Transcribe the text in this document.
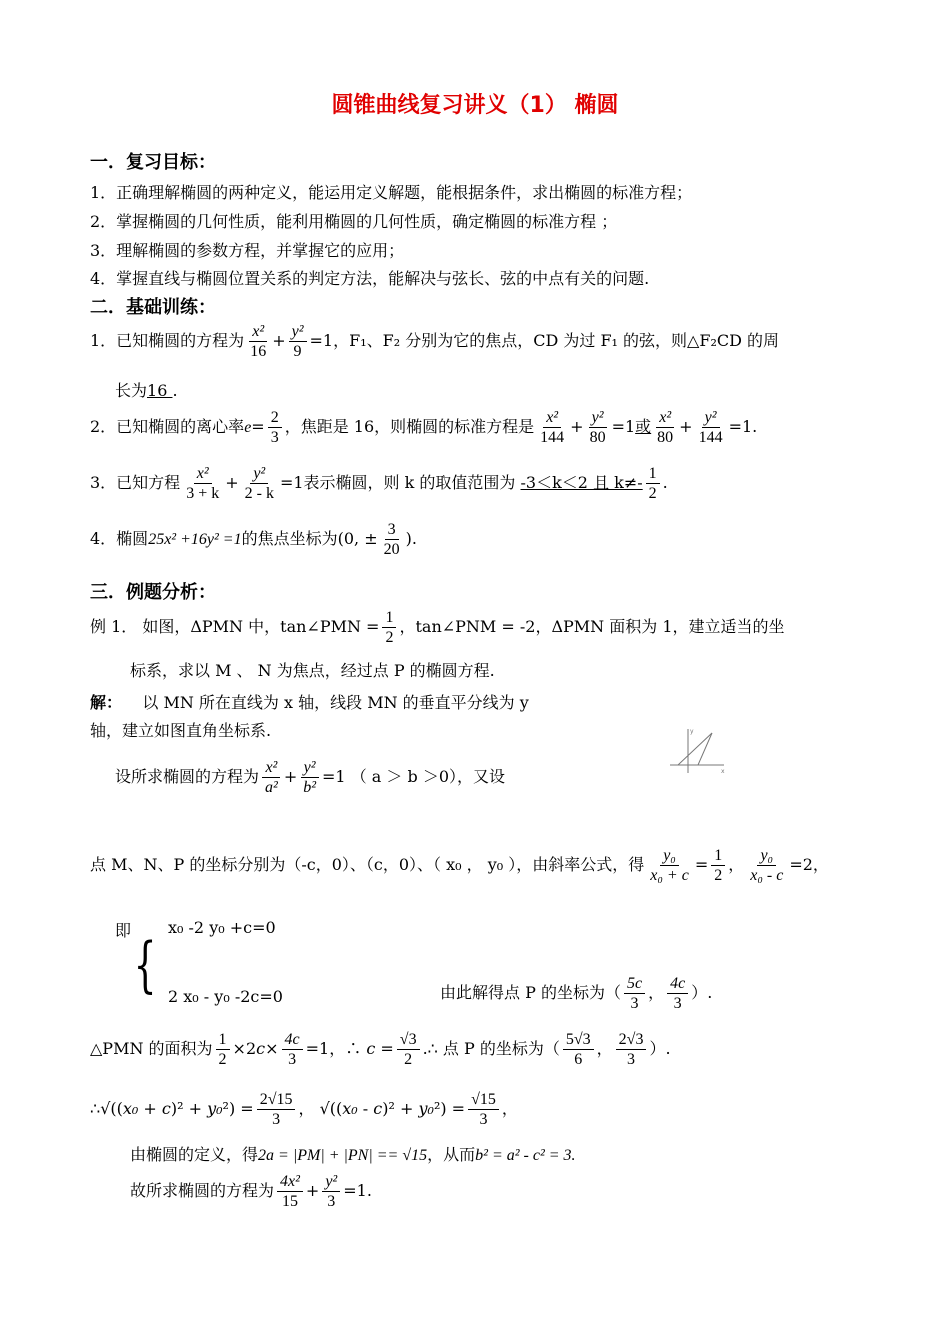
圆锥曲线复习讲义（1） 椭圆
一．复习目标：
1．正确理解椭圆的两种定义，能运用定义解题，能根据条件，求出椭圆的标准方程；
2．掌握椭圆的几何性质，能利用椭圆的几何性质，确定椭圆的标准方程 ；
3．理解椭圆的参数方程，并掌握它的应用；
4．掌握直线与椭圆位置关系的判定方法，能解决与弦长、弦的中点有关的问题.
二．基础训练：
1．已知椭圆的方程为 $\frac{\text{x²}}{16} + \frac{\text{y²}}{9} =1$，F₁、F₂ 分别为它的焦点，CD 为过 F₁ 的弦，则△F₂CD 的周
长为16 .
2．已知椭圆的离心率$e= \frac{2}{3}$ ，焦距是 16，则椭圆的标准方程是 $\frac{\text{x²}}{144} + \frac{\text{y²}}{80} =1$或 $\frac{\text{x²}}{80} + \frac{\text{y²}}{144} =1$.
3．已知方程 $\frac{\text{x²}}{3 + k} + \frac{\text{y²}}{2 - k} =1$表示椭圆，则 k 的取值范围为 -3＜k＜2 且 $k\ne- \frac{1}{2}$ .
4．椭圆25x² +16y² =1的焦点坐标为(0, ± $\frac{3}{20}$ ).
三．例题分析：
例 1． 如图，ΔPMN 中，tan∠PMN = $\frac{1}{2}$ ，tan∠PNM = -2，ΔPMN 面积为 1，建立适当的坐
标系，求以 M 、 N 为焦点，经过点 P 的椭圆方程.
解： 以 MN 所在直线为 x 轴，线段 MN 的垂直平分线为 y
轴，建立如图直角坐标系.
设所求椭圆的方程为 $\frac{\text{x²}}{\text{a²}} + \frac{\text{y²}}{\text{b²}} =1$ （ a ＞ b ＞0），又设	x
y
点 M、N、P 的坐标分别为（-c，0）、（c，0）、（ x₀ ， y₀ ），由斜率公式，得 $\frac{\text{y₀}}{\text{x₀ + c}} = \frac{1}{2}$ ， $\frac{\text{y₀}}{\text{x₀ - c}} =2$，
即 {
x₀ -2 y₀ +c=0
2 x₀ - y₀ -2c=0	由此解得点 P 的坐标为（ $\frac{5c}{3}$ ， $\frac{4c}{3}$ ）.
△PMN 的面积为 $\frac{1}{2} \times 2c\times \frac{4c}{3} =1$，∴ $c = \frac{√3}{2}$ .∴ 点 P 的坐标为（ $\frac{5√3}{6}$ ， $\frac{2√3}{3}$ ）.
∴√((x₀ + $c)^2 + y_0^2) = \frac{2√15}{3}$ ， $√((x_0 - c)^2 + y_0^2) = \frac{√15}{3}$ ，
由椭圆的定义，得2a = |PM| + |PN| == √15，从而b² = a² - c² = 3.
故所求椭圆的方程为 $\frac{\text{4x²}}{15} + \frac{\text{y²}}{3} =1$.
